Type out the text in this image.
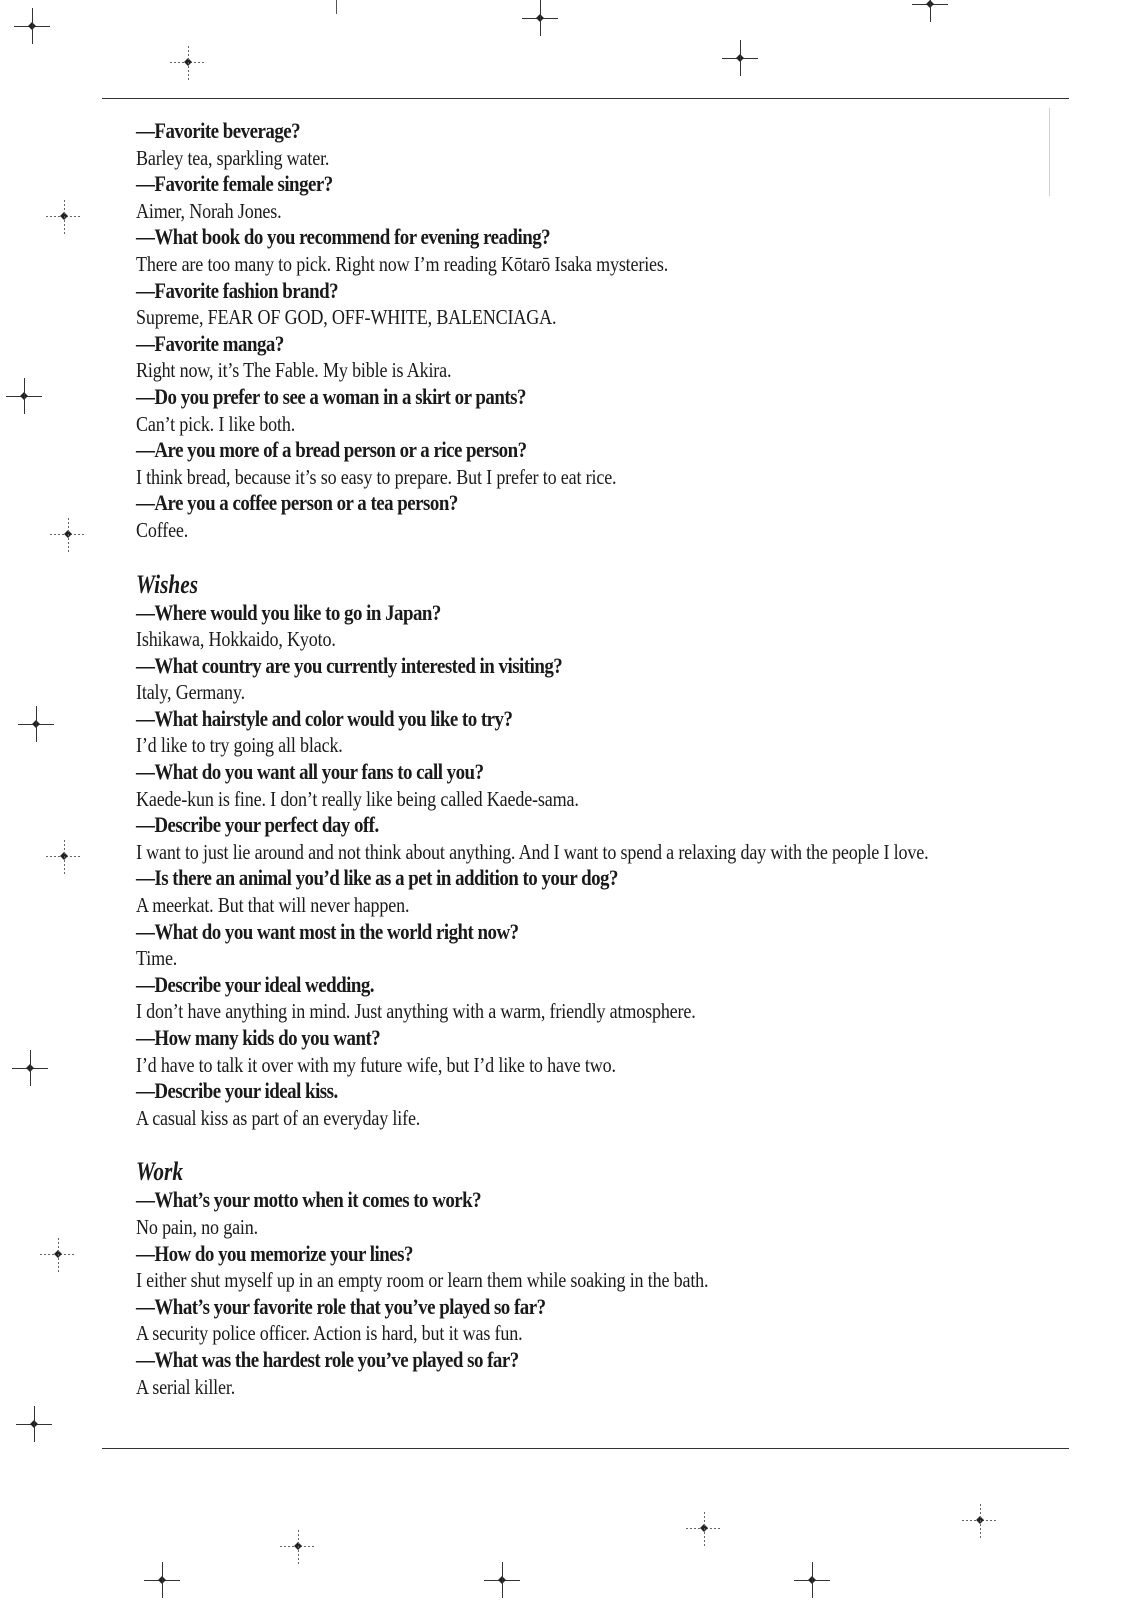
—Favorite beverage?
Barley tea, sparkling water.
—Favorite female singer?
Aimer, Norah Jones.
—What book do you recommend for evening reading?
There are too many to pick. Right now I’m reading Kōtarō Isaka mysteries.
—Favorite fashion brand?
Supreme, FEAR OF GOD, OFF-WHITE, BALENCIAGA.
—Favorite manga?
Right now, it’s The Fable. My bible is Akira.
—Do you prefer to see a woman in a skirt or pants?
Can’t pick. I like both.
—Are you more of a bread person or a rice person?
I think bread, because it’s so easy to prepare. But I prefer to eat rice.
—Are you a coffee person or a tea person?
Coffee.
Wishes
—Where would you like to go in Japan?
Ishikawa, Hokkaido, Kyoto.
—What country are you currently interested in visiting?
Italy, Germany.
—What hairstyle and color would you like to try?
I’d like to try going all black.
—What do you want all your fans to call you?
Kaede-kun is fine. I don’t really like being called Kaede-sama.
—Describe your perfect day off.
I want to just lie around and not think about anything. And I want to spend a relaxing day with the people I love.
—Is there an animal you’d like as a pet in addition to your dog?
A meerkat. But that will never happen.
—What do you want most in the world right now?
Time.
—Describe your ideal wedding.
I don’t have anything in mind. Just anything with a warm, friendly atmosphere.
—How many kids do you want?
I’d have to talk it over with my future wife, but I’d like to have two.
—Describe your ideal kiss.
A casual kiss as part of an everyday life.
Work
—What’s your motto when it comes to work?
No pain, no gain.
—How do you memorize your lines?
I either shut myself up in an empty room or learn them while soaking in the bath.
—What’s your favorite role that you’ve played so far?
A security police officer. Action is hard, but it was fun.
—What was the hardest role you’ve played so far?
A serial killer.
